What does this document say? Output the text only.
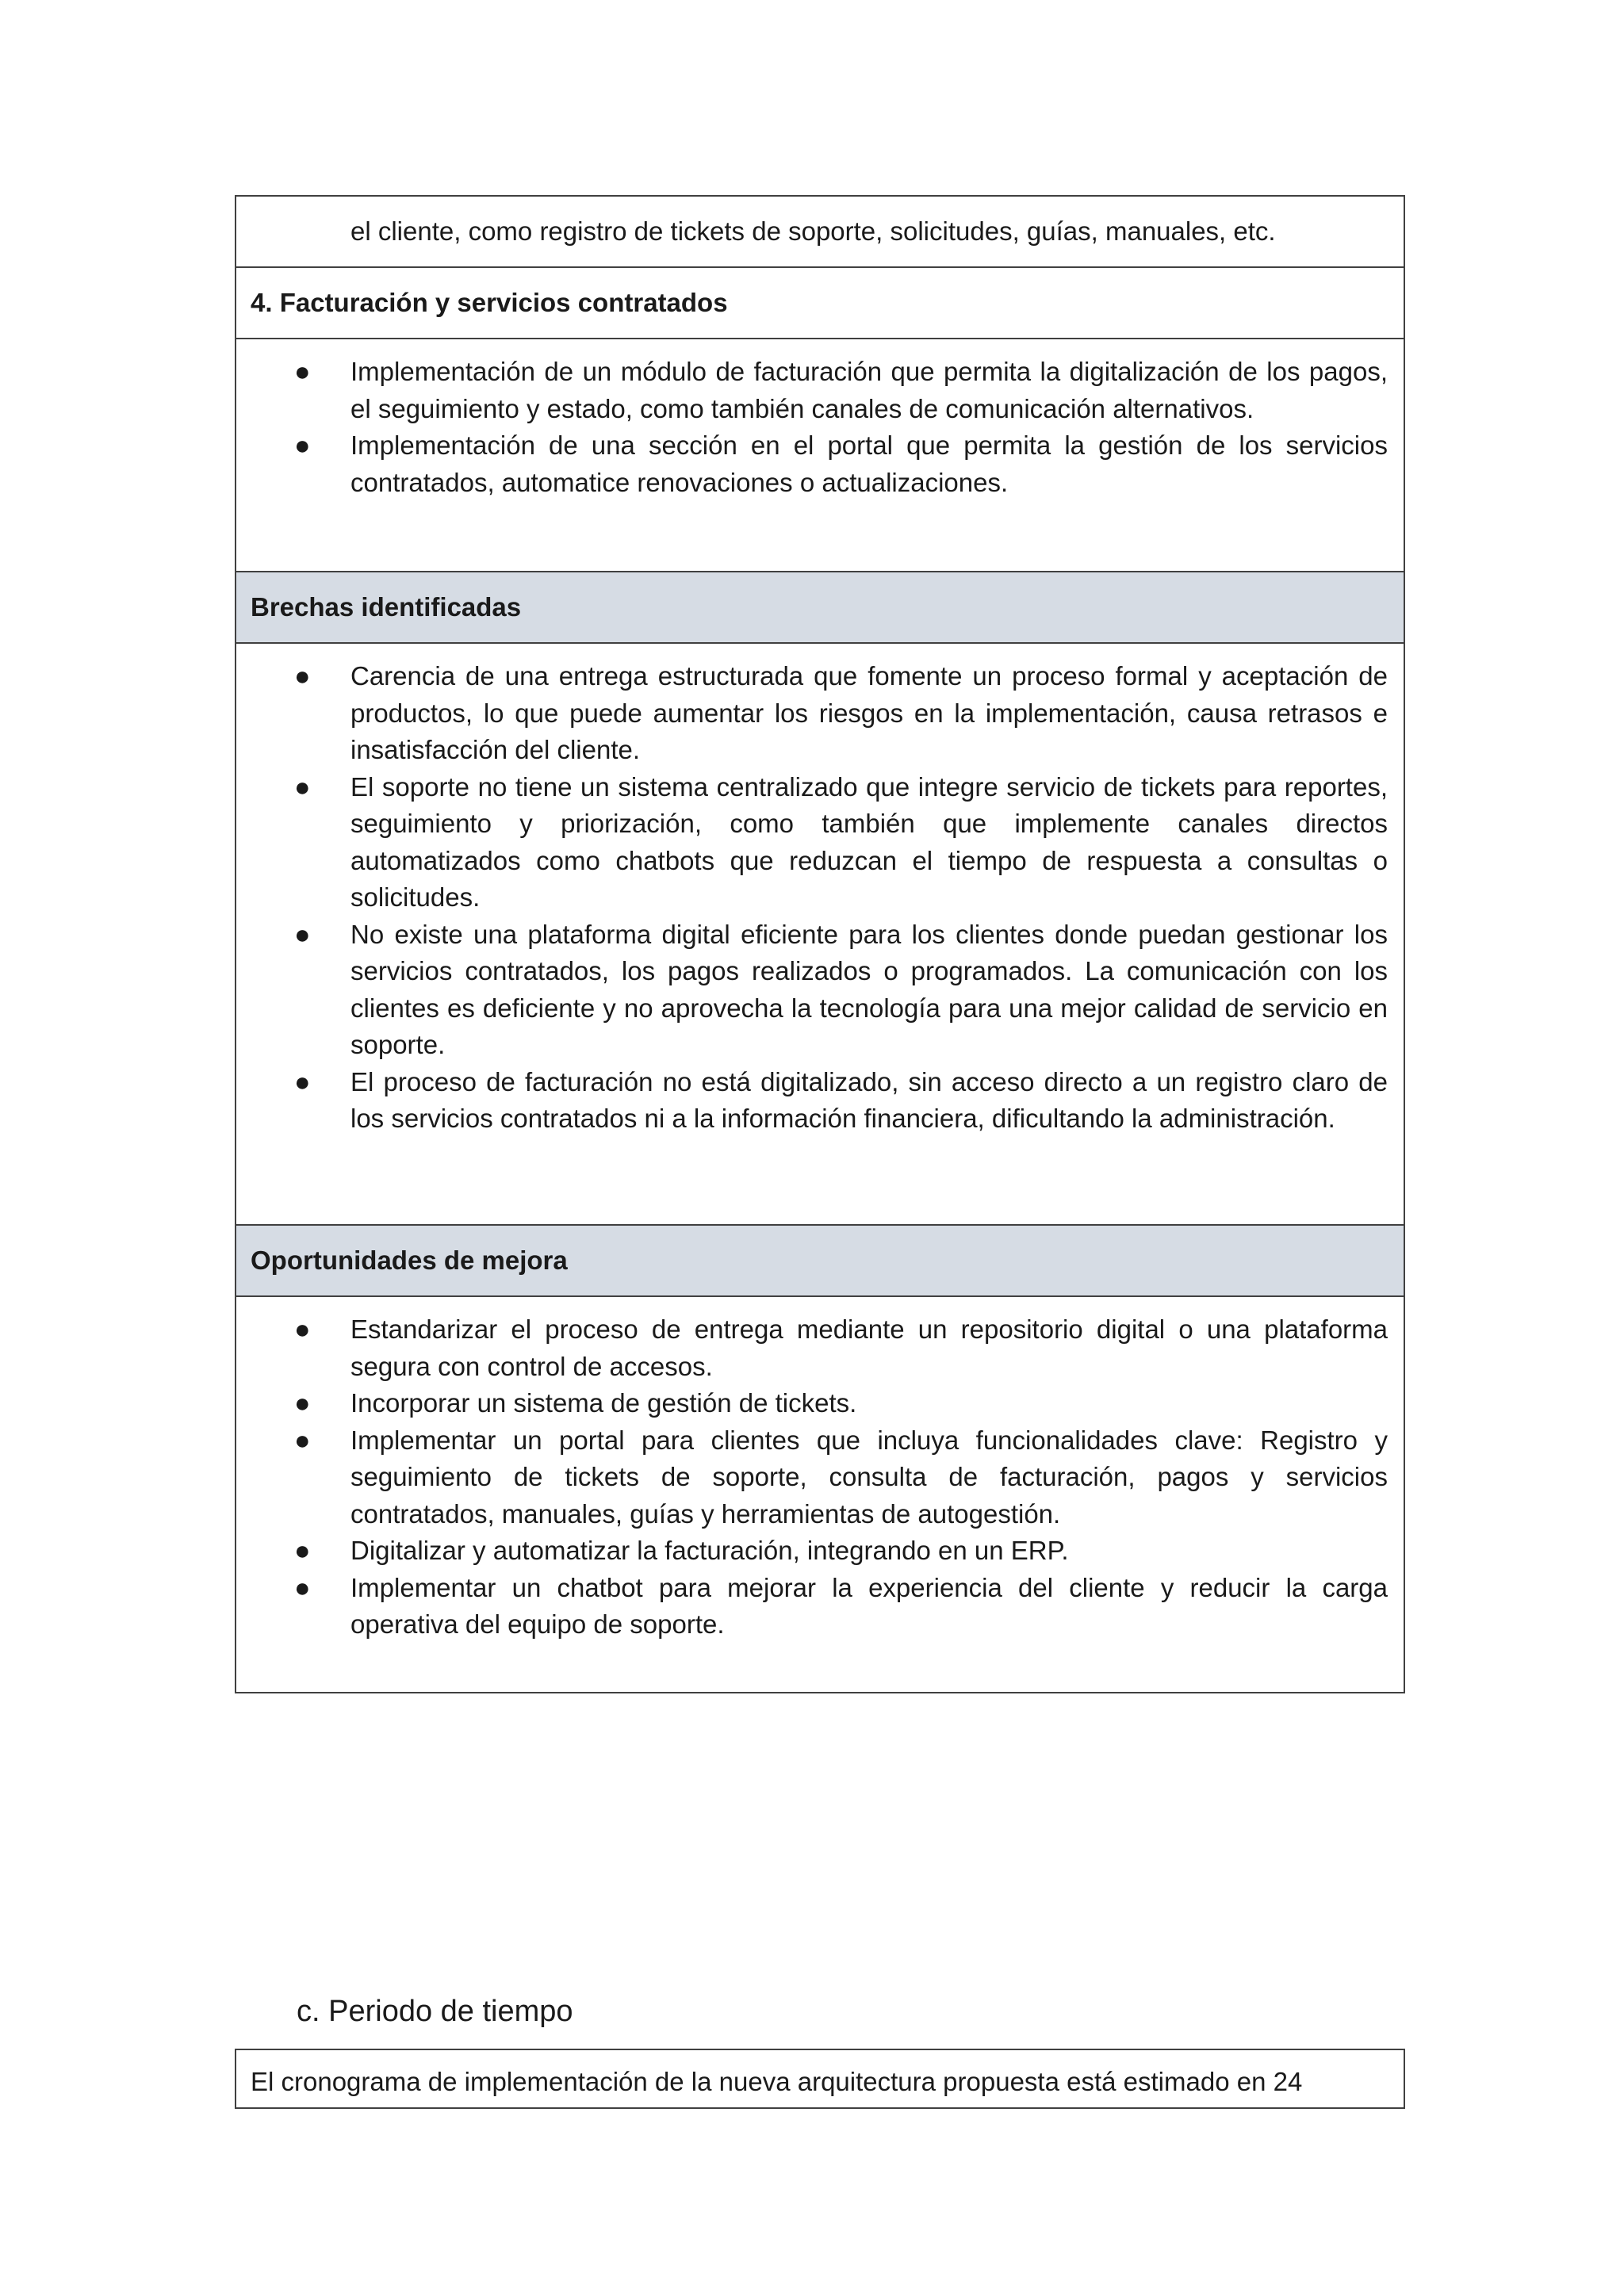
el cliente, como registro de tickets de soporte, solicitudes, guías, manuales, etc.

4. Facturación y servicios contratados

● Implementación de un módulo de facturación que permita la digitalización de los pagos, el seguimiento y estado, como también canales de comunicación alternativos.
● Implementación de una sección en el portal que permita la gestión de los servicios contratados, automatice renovaciones o actualizaciones.

Brechas identificadas

● Carencia de una entrega estructurada que fomente un proceso formal y aceptación de productos, lo que puede aumentar los riesgos en la implementación, causa retrasos e insatisfacción del cliente.
● El soporte no tiene un sistema centralizado que integre servicio de tickets para reportes, seguimiento y priorización, como también que implemente canales directos automatizados como chatbots que reduzcan el tiempo de respuesta a consultas o solicitudes.
● No existe una plataforma digital eficiente para los clientes donde puedan gestionar los servicios contratados, los pagos realizados o programados. La comunicación con los clientes es deficiente y no aprovecha la tecnología para una mejor calidad de servicio en soporte.
● El proceso de facturación no está digitalizado, sin acceso directo a un registro claro de los servicios contratados ni a la información financiera, dificultando la administración.

Oportunidades de mejora

● Estandarizar el proceso de entrega mediante un repositorio digital o una plataforma segura con control de accesos.
● Incorporar un sistema de gestión de tickets.
● Implementar un portal para clientes que incluya funcionalidades clave: Registro y seguimiento de tickets de soporte, consulta de facturación, pagos y servicios contratados, manuales, guías y herramientas de autogestión.
● Digitalizar y automatizar la facturación, integrando en un ERP.
● Implementar un chatbot para mejorar la experiencia del cliente y reducir la carga operativa del equipo de soporte.
c. Periodo de tiempo
El cronograma de implementación de la nueva arquitectura propuesta está estimado en 24
